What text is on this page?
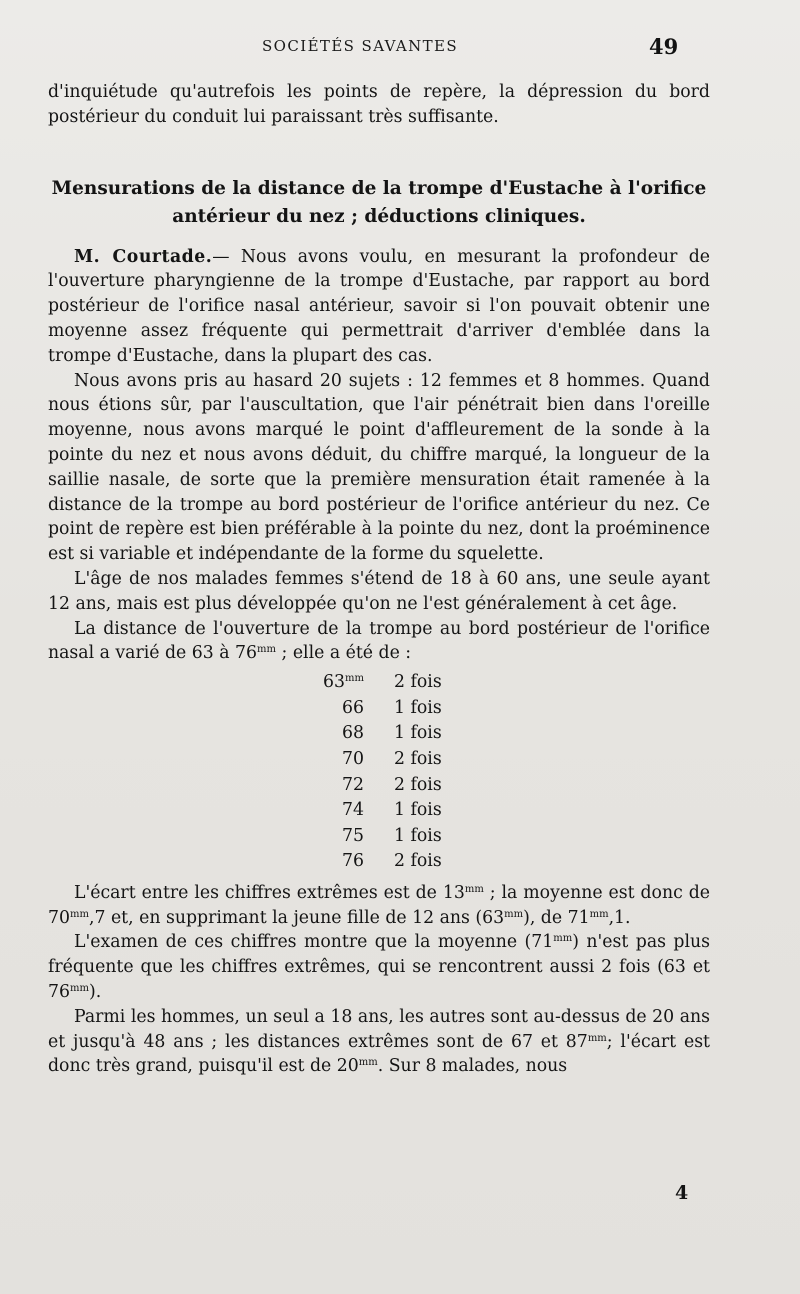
SOCIÉTÉS SAVANTES	49

d'inquiétude qu'autrefois les points de repère, la dépression du bord postérieur du conduit lui paraissant très suffisante.

Mensurations de la distance de la trompe d'Eustache à l'orifice antérieur du nez ; déductions cliniques.

M. Courtade.— Nous avons voulu, en mesurant la profondeur de l'ouverture pharyngienne de la trompe d'Eustache, par rapport au bord postérieur de l'orifice nasal antérieur, savoir si l'on pouvait obtenir une moyenne assez fréquente qui permettrait d'arriver d'emblée dans la trompe d'Eustache, dans la plupart des cas.

Nous avons pris au hasard 20 sujets : 12 femmes et 8 hommes. Quand nous étions sûr, par l'auscultation, que l'air pénétrait bien dans l'oreille moyenne, nous avons marqué le point d'affleurement de la sonde à la pointe du nez et nous avons déduit, du chiffre marqué, la longueur de la saillie nasale, de sorte que la première mensuration était ramenée à la distance de la trompe au bord postérieur de l'orifice antérieur du nez. Ce point de repère est bien préférable à la pointe du nez, dont la proéminence est si variable et indépendante de la forme du squelette.

L'âge de nos malades femmes s'étend de 18 à 60 ans, une seule ayant 12 ans, mais est plus développée qu'on ne l'est généralement à cet âge.

La distance de l'ouverture de la trompe au bord postérieur de l'orifice nasal a varié de 63 à $76^{mm}$ ; elle a été de :

$63^{mm}$	2 fois
66	1 fois
68	1 fois
70	2 fois
72	2 fois
74	1 fois
75	1 fois
76	2 fois

L'écart entre les chiffres extrêmes est de $13^{mm}$ ; la moyenne est donc de $70^{mm},7$ et, en supprimant la jeune fille de 12 ans $(63^{mm})$, de $71^{mm},1$.

L'examen de ces chiffres montre que la moyenne $(71^{mm})$ n'est pas plus fréquente que les chiffres extrêmes, qui se rencontrent aussi 2 fois (63 et $76^{mm}$).

Parmi les hommes, un seul a 18 ans, les autres sont au-dessus de 20 ans et jusqu'à 48 ans ; les distances extrêmes sont de 67 et $87^{mm}$; l'écart est donc très grand, puisqu'il est de $20^{mm}$. Sur 8 malades, nous

4
